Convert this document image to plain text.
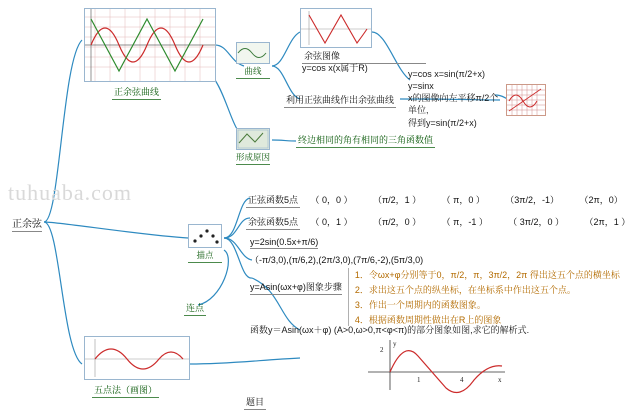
tuhuaba.com
正余弦
正余弦曲线
曲线
余弦图像
y=cos x(x属于R)
利用正弦曲线作出余弦曲线
y=cos x=sin(π/2+x)
y=sinx
x的图像向左平移π/2个单位,
得到y=sin(π/2+x)
形成原因
终边相同的角有相同的三角函数值
描点
连点
五点法（画图）
正弦函数5点 （ 0，0 ） （π/2，1 ） （ π，0 ） （3π/2，-1） （2π，0）
余弦函数5点 （ 0，1 ） （π/2，0 ） （ π，-1 ） （ 3π/2，0 ） （2π，1 ）
y=2sin(0.5x+π/6)
（-π/3,0),(π/6,2),(2π/3,0),(7π/6,-2),(5π/3,0)
y=Asin(ωx+φ)图象步骤
1．令ωx+φ分别等于0，π/2，π，3π/2，2π 得出这五个点的横坐标
2．求出这五个点的纵坐标，在坐标系中作出这五个点。
3．作出一个周期内的函数图象。
4．根据函数周期性做出在R上的图象
函数y＝Asin(ωx＋φ) (A>0,ω>0,π<φ<π)的部分图象如图,求它的解析式.
y
2
1	4	x
题目
